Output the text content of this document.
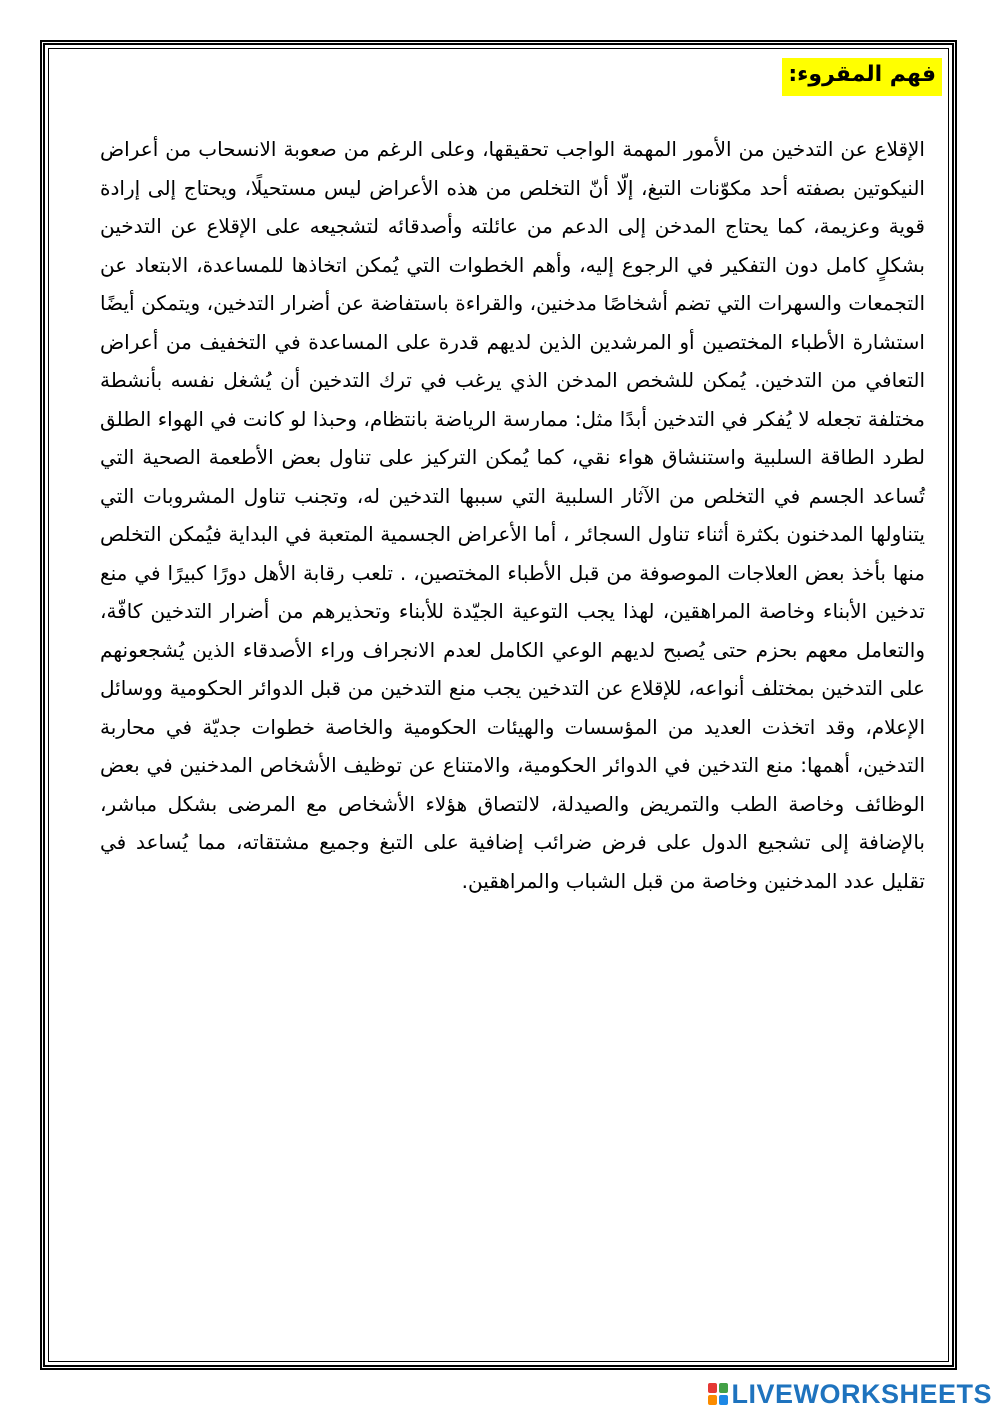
فهم المقروء:

الإقلاع عن التدخين من الأمور المهمة الواجب تحقيقها، وعلى الرغم من صعوبة الانسحاب من أعراض النيكوتين بصفته أحد مكوّنات التبغ، إلّا أنّ التخلص من هذه الأعراض ليس مستحيلًا، ويحتاج إلى إرادة قوية وعزيمة، كما يحتاج المدخن إلى الدعم من عائلته وأصدقائه لتشجيعه على الإقلاع عن التدخين بشكلٍ كامل دون التفكير في الرجوع إليه، وأهم الخطوات التي يُمكن اتخاذها للمساعدة، الابتعاد عن التجمعات والسهرات التي تضم أشخاصًا مدخنين، والقراءة باستفاضة عن أضرار التدخين، ويتمكن أيضًا استشارة الأطباء المختصين أو المرشدين الذين لديهم قدرة على المساعدة في التخفيف من أعراض التعافي من التدخين. يُمكن للشخص المدخن الذي يرغب في ترك التدخين أن يُشغل نفسه بأنشطة مختلفة تجعله لا يُفكر في التدخين أبدًا مثل: ممارسة الرياضة بانتظام، وحبذا لو كانت في الهواء الطلق لطرد الطاقة السلبية واستنشاق هواء نقي، كما يُمكن التركيز على تناول بعض الأطعمة الصحية التي تُساعد الجسم في التخلص من الآثار السلبية التي سببها التدخين له، وتجنب تناول المشروبات التي يتناولها المدخنون بكثرة أثناء تناول السجائر ، أما الأعراض الجسمية المتعبة في البداية فيُمكن التخلص منها بأخذ بعض العلاجات الموصوفة من قبل الأطباء المختصين، . تلعب رقابة الأهل دورًا كبيرًا في منع تدخين الأبناء وخاصة المراهقين، لهذا يجب التوعية الجيّدة للأبناء وتحذيرهم من أضرار التدخين كافّة، والتعامل معهم بحزم حتى يُصبح لديهم الوعي الكامل لعدم الانجراف وراء الأصدقاء الذين يُشجعونهم على التدخين بمختلف أنواعه، للإقلاع عن التدخين يجب منع التدخين من قبل الدوائر الحكومية ووسائل الإعلام، وقد اتخذت العديد من المؤسسات والهيئات الحكومية والخاصة خطوات جديّة في محاربة التدخين، أهمها: منع التدخين في الدوائر الحكومية، والامتناع عن توظيف الأشخاص المدخنين في بعض الوظائف وخاصة الطب والتمريض والصيدلة، لالتصاق هؤلاء الأشخاص مع المرضى بشكل مباشر، بالإضافة إلى تشجيع الدول على فرض ضرائب إضافية على التبغ وجميع مشتقاته، مما يُساعد في تقليل عدد المدخنين وخاصة من قبل الشباب والمراهقين.

LIVEWORKSHEETS
